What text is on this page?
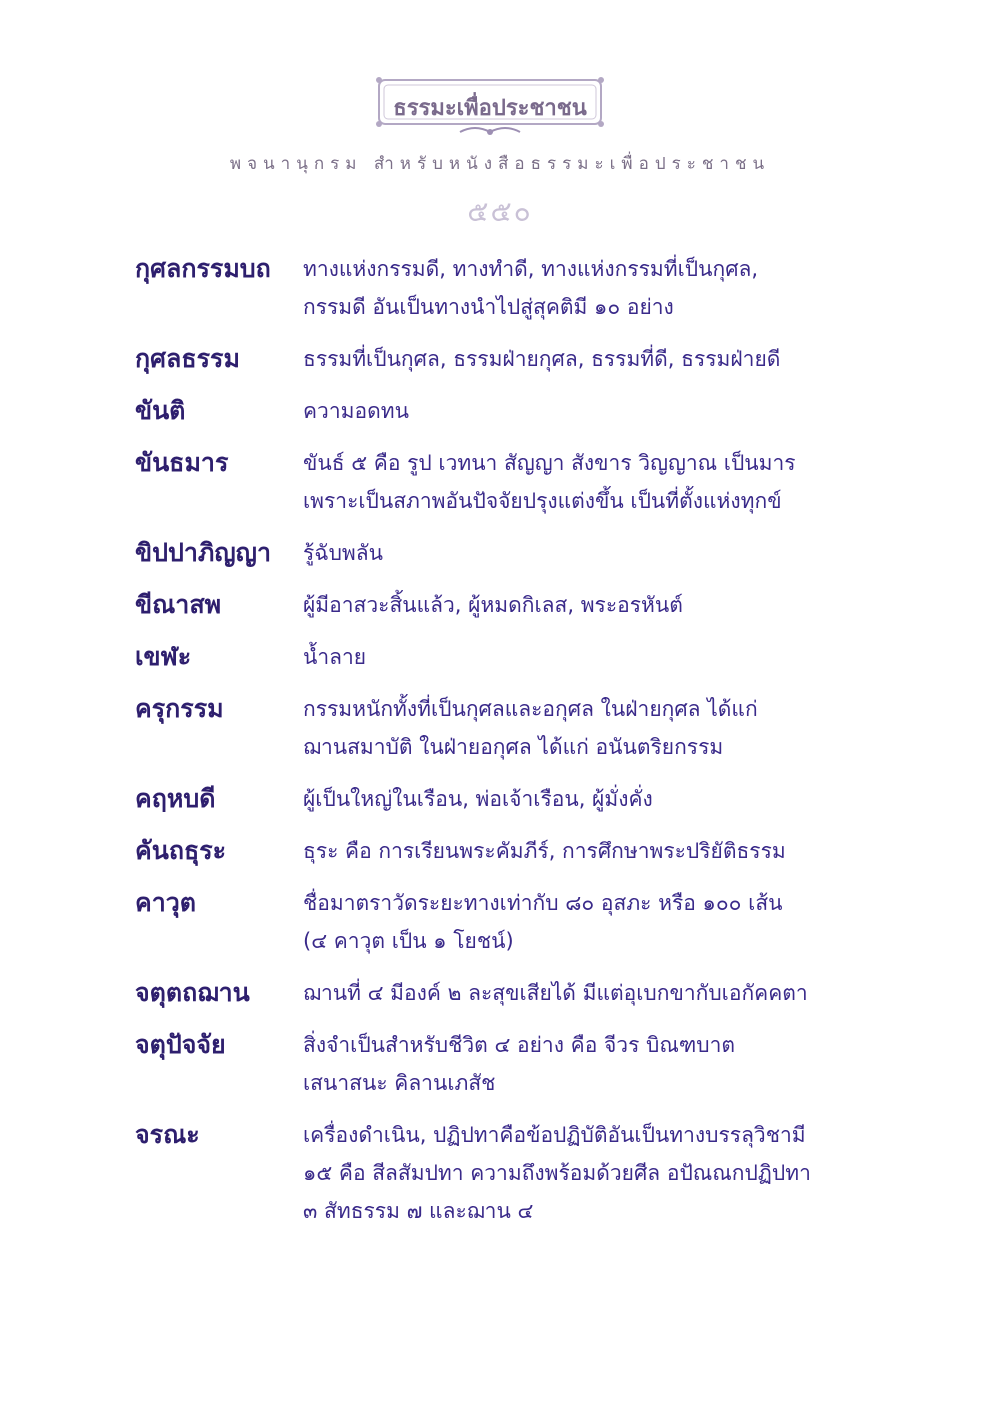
ธรรมะเพื่อประชาชน
พจนานุกรม สำหรับหนังสือธรรมะเพื่อประชาชน
๕๕๐
กุศลกรรมบถ	ทางแห่งกรรมดี, ทางทำดี, ทางแห่งกรรมที่เป็นกุศล,
กรรมดี อันเป็นทางนำไปสู่สุคติมี ๑๐ อย่าง
กุศลธรรม	ธรรมที่เป็นกุศล, ธรรมฝ่ายกุศล, ธรรมที่ดี, ธรรมฝ่ายดี
ขันติ	ความอดทน
ขันธมาร	ขันธ์ ๕ คือ รูป เวทนา สัญญา สังขาร วิญญาณ เป็นมาร
เพราะเป็นสภาพอันปัจจัยปรุงแต่งขึ้น เป็นที่ตั้งแห่งทุกข์
ขิปปาภิญญา	รู้ฉับพลัน
ขีณาสพ	ผู้มีอาสวะสิ้นแล้ว, ผู้หมดกิเลส, พระอรหันต์
เขฬะ	น้ำลาย
ครุกรรม	กรรมหนักทั้งที่เป็นกุศลและอกุศล ในฝ่ายกุศล ได้แก่
ฌานสมาบัติ ในฝ่ายอกุศล ได้แก่ อนันตริยกรรม
คฤหบดี	ผู้เป็นใหญ่ในเรือน, พ่อเจ้าเรือน, ผู้มั่งคั่ง
คันถธุระ	ธุระ คือ การเรียนพระคัมภีร์, การศึกษาพระปริยัติธรรม
คาวุต	ชื่อมาตราวัดระยะทางเท่ากับ ๘๐ อุสภะ หรือ ๑๐๐ เส้น
(๔ คาวุต เป็น ๑ โยชน์)
จตุตถฌาน	ฌานที่ ๔ มีองค์ ๒ ละสุขเสียได้ มีแต่อุเบกขากับเอกัคคตา
จตุปัจจัย	สิ่งจำเป็นสำหรับชีวิต ๔ อย่าง คือ จีวร บิณฑบาต
เสนาสนะ คิลานเภสัช
จรณะ	เครื่องดำเนิน, ปฏิปทาคือข้อปฏิบัติอันเป็นทางบรรลุวิชามี
๑๕ คือ สีลสัมปทา ความถึงพร้อมด้วยศีล อปัณณกปฏิปทา
๓ สัทธรรม ๗ และฌาน ๔
